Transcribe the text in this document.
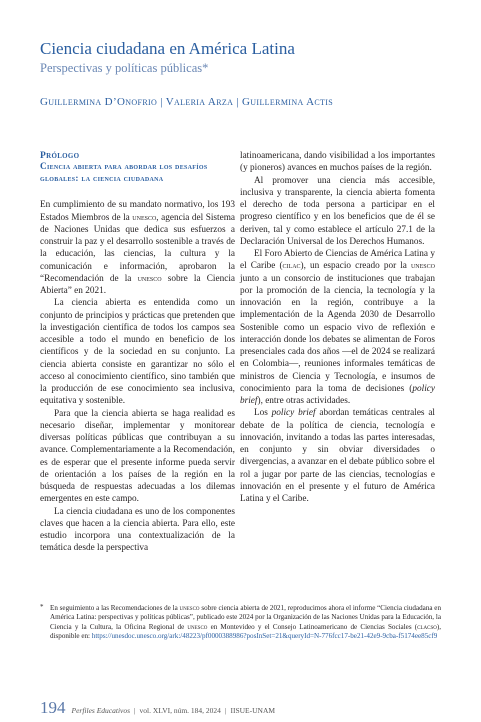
Ciencia ciudadana en América Latina
Perspectivas y políticas públicas*
Guillermina D’Onofrio | Valeria Arza | Guillermina Actis
Prólogo
Ciencia abierta para abordar los desafíos globales: la ciencia ciudadana

En cumplimiento de su mandato normativo, los 193 Estados Miembros de la unesco, agencia del Sistema de Naciones Unidas que dedica sus esfuerzos a construir la paz y el desarrollo sostenible a través de la educación, las ciencias, la cultura y la comunicación e información, aprobaron la “Recomendación de la unesco sobre la Ciencia Abierta” en 2021.

La ciencia abierta es entendida como un conjunto de principios y prácticas que pretenden que la investigación científica de todos los campos sea accesible a todo el mundo en beneficio de los científicos y de la sociedad en su conjunto. La ciencia abierta consiste en garantizar no sólo el acceso al conocimiento científico, sino también que la producción de ese conocimiento sea inclusiva, equitativa y sostenible.

Para que la ciencia abierta se haga realidad es necesario diseñar, implementar y monitorear diversas políticas públicas que contribuyan a su avance. Complementariamente a la Recomendación, es de esperar que el presente informe pueda servir de orientación a los países de la región en la búsqueda de respuestas adecuadas a los dilemas emergentes en este campo.

La ciencia ciudadana es uno de los componentes claves que hacen a la ciencia abierta. Para ello, este estudio incorpora una contextualización de la temática desde la perspectiva

latinoamericana, dando visibilidad a los importantes (y pioneros) avances en muchos países de la región.

Al promover una ciencia más accesible, inclusiva y transparente, la ciencia abierta fomenta el derecho de toda persona a participar en el progreso científico y en los beneficios que de él se deriven, tal y como establece el artículo 27.1 de la Declaración Universal de los Derechos Humanos.

El Foro Abierto de Ciencias de América Latina y el Caribe (cilac), un espacio creado por la unesco junto a un consorcio de instituciones que trabajan por la promoción de la ciencia, la tecnología y la innovación en la región, contribuye a la implementación de la Agenda 2030 de Desarrollo Sostenible como un espacio vivo de reflexión e interacción donde los debates se alimentan de Foros presenciales cada dos años —el de 2024 se realizará en Colombia—, reuniones informales temáticas de ministros de Ciencia y Tecnología, e insumos de conocimiento para la toma de decisiones (policy brief), entre otras actividades.

Los policy brief abordan temáticas centrales al debate de la política de ciencia, tecnología e innovación, invitando a todas las partes interesadas, en conjunto y sin obviar diversidades o divergencias, a avanzar en el debate público sobre el rol a jugar por parte de las ciencias, tecnologías e innovación en el presente y el futuro de América Latina y el Caribe.

* En seguimiento a las Recomendaciones de la unesco sobre ciencia abierta de 2021, reproducimos ahora el informe “Ciencia ciudadana en América Latina: perspectivas y políticas públicas”, publicado este 2024 por la Organización de las Naciones Unidas para la Educación, la Ciencia y la Cultura, la Oficina Regional de unesco en Montevideo y el Consejo Latinoamericano de Ciencias Sociales (clacso), disponible en: https://unesdoc.unesco.org/ark:/48223/pf0000388986?posInSet=21&queryId=N-776fcc17-be21-42e9-9cba-f5174ee85cf9
194 Perfiles Educativos | vol. XLVI, núm. 184, 2024 | IISUE-UNAM
